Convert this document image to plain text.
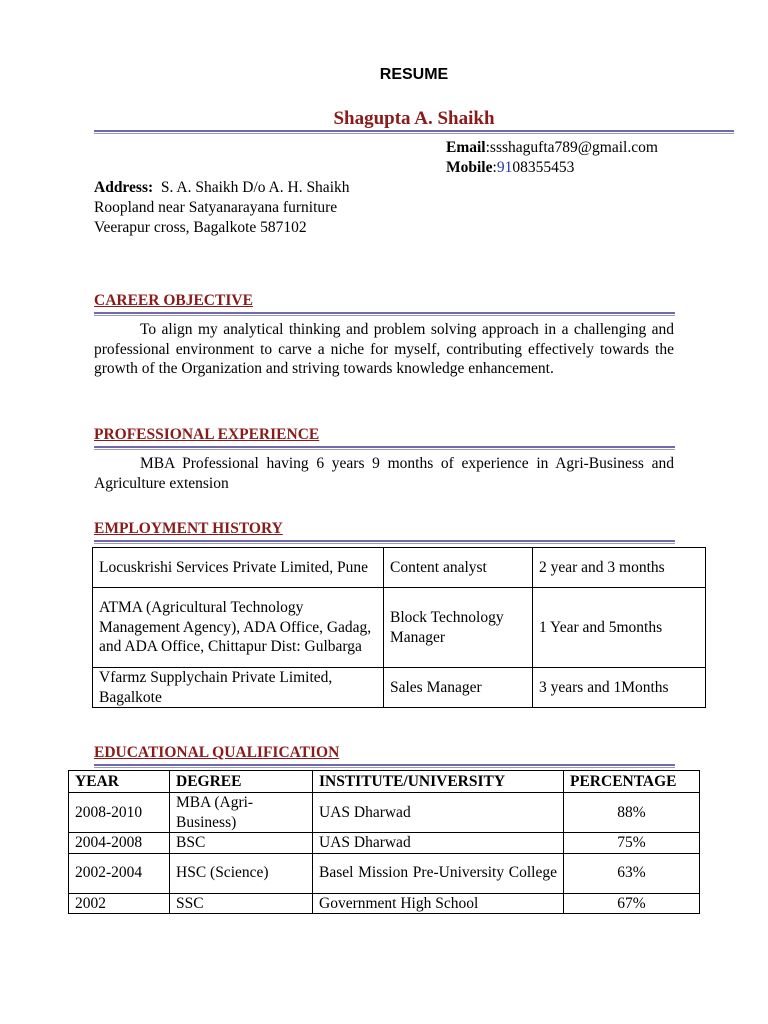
RESUME
Shagupta A. Shaikh
Email:ssshagufta789@gmail.com
Mobile:9108355453
Address: S. A. Shaikh D/o A. H. Shaikh
Roopland near Satyanarayana furniture
Veerapur cross, Bagalkote 587102
CAREER OBJECTIVE
To align my analytical thinking and problem solving approach in a challenging and professional environment to carve a niche for myself, contributing effectively towards the growth of the Organization and striving towards knowledge enhancement.
PROFESSIONAL EXPERIENCE
MBA Professional having 6 years 9 months of experience in Agri-Business and Agriculture extension
EMPLOYMENT HISTORY
Locuskrishi Services Private Limited, Pune	Content analyst	2 year and 3 months
ATMA (Agricultural Technology Management Agency), ADA Office, Gadag, and ADA Office, Chittapur Dist: Gulbarga	Block Technology Manager	1 Year and 5months
Vfarmz Supplychain Private Limited, Bagalkote	Sales Manager	3 years and 1Months
EDUCATIONAL QUALIFICATION
YEAR	DEGREE	INSTITUTE/UNIVERSITY	PERCENTAGE
2008-2010	MBA (Agri-Business)	UAS Dharwad	88%
2004-2008	BSC	UAS Dharwad	75%
2002-2004	HSC (Science)	Basel Mission Pre-University College	63%
2002	SSC	Government High School	67%
